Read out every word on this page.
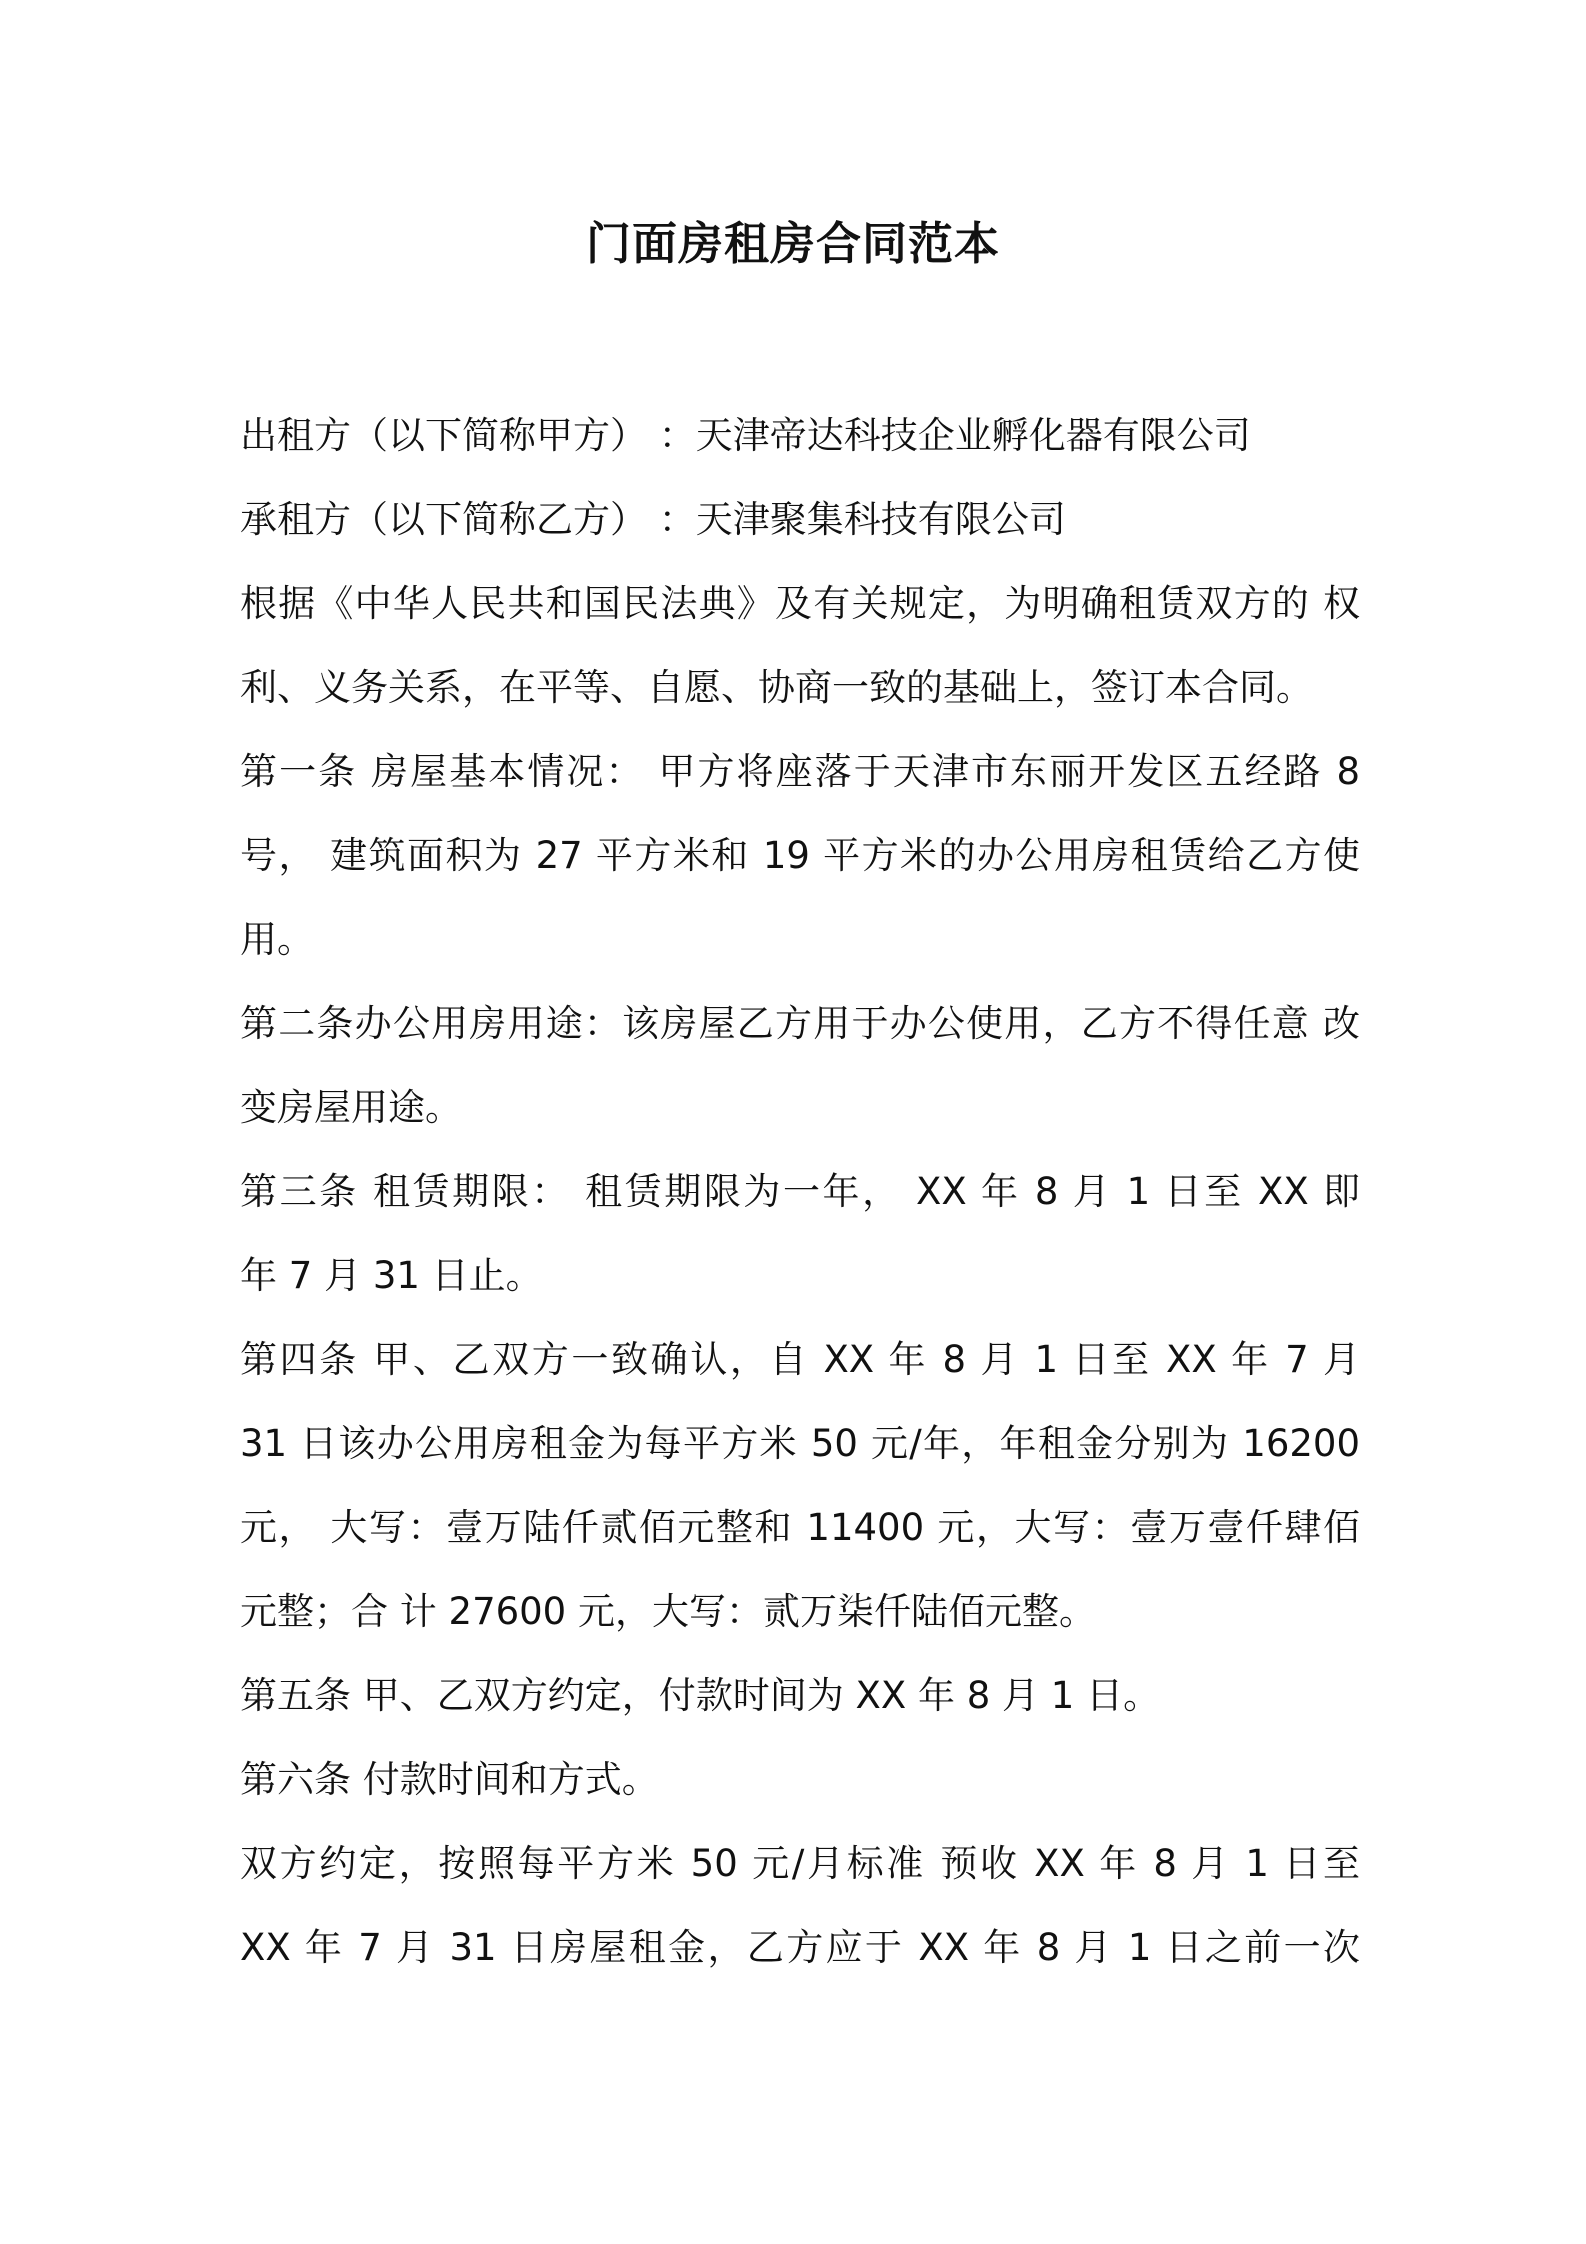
门面房租房合同范本
出租方（以下简称甲方） ：天津帝达科技企业孵化器有限公司
承租方（以下简称乙方） ：天津聚集科技有限公司
根据《中华人民共和国民法典》及有关规定，为明确租赁双方的 权
利、义务关系，在平等、自愿、协商一致的基础上，签订本合同。
第一条 房屋基本情况： 甲方将座落于天津市东丽开发区五经路 8
号， 建筑面积为 27 平方米和 19 平方米的办公用房租赁给乙方使
用。
第二条办公用房用途：该房屋乙方用于办公使用，乙方不得任意 改
变房屋用途。
第三条 租赁期限： 租赁期限为一年， XX 年 8 月 1 日至 XX 即
年 7 月 31 日止。
第四条 甲、乙双方一致确认，自 XX 年 8 月 1 日至 XX 年 7 月
31 日该办公用房租金为每平方米 50 元/年，年租金分别为 16200
元， 大写：壹万陆仟贰佰元整和 11400 元，大写：壹万壹仟肆佰
元整；合 计 27600 元，大写：贰万柒仟陆佰元整。
第五条 甲、乙双方约定，付款时间为 XX 年 8 月 1 日。
第六条 付款时间和方式。
双方约定，按照每平方米 50 元/月标准 预收 XX 年 8 月 1 日至
XX 年 7 月 31 日房屋租金，乙方应于 XX 年 8 月 1 日之前一次
